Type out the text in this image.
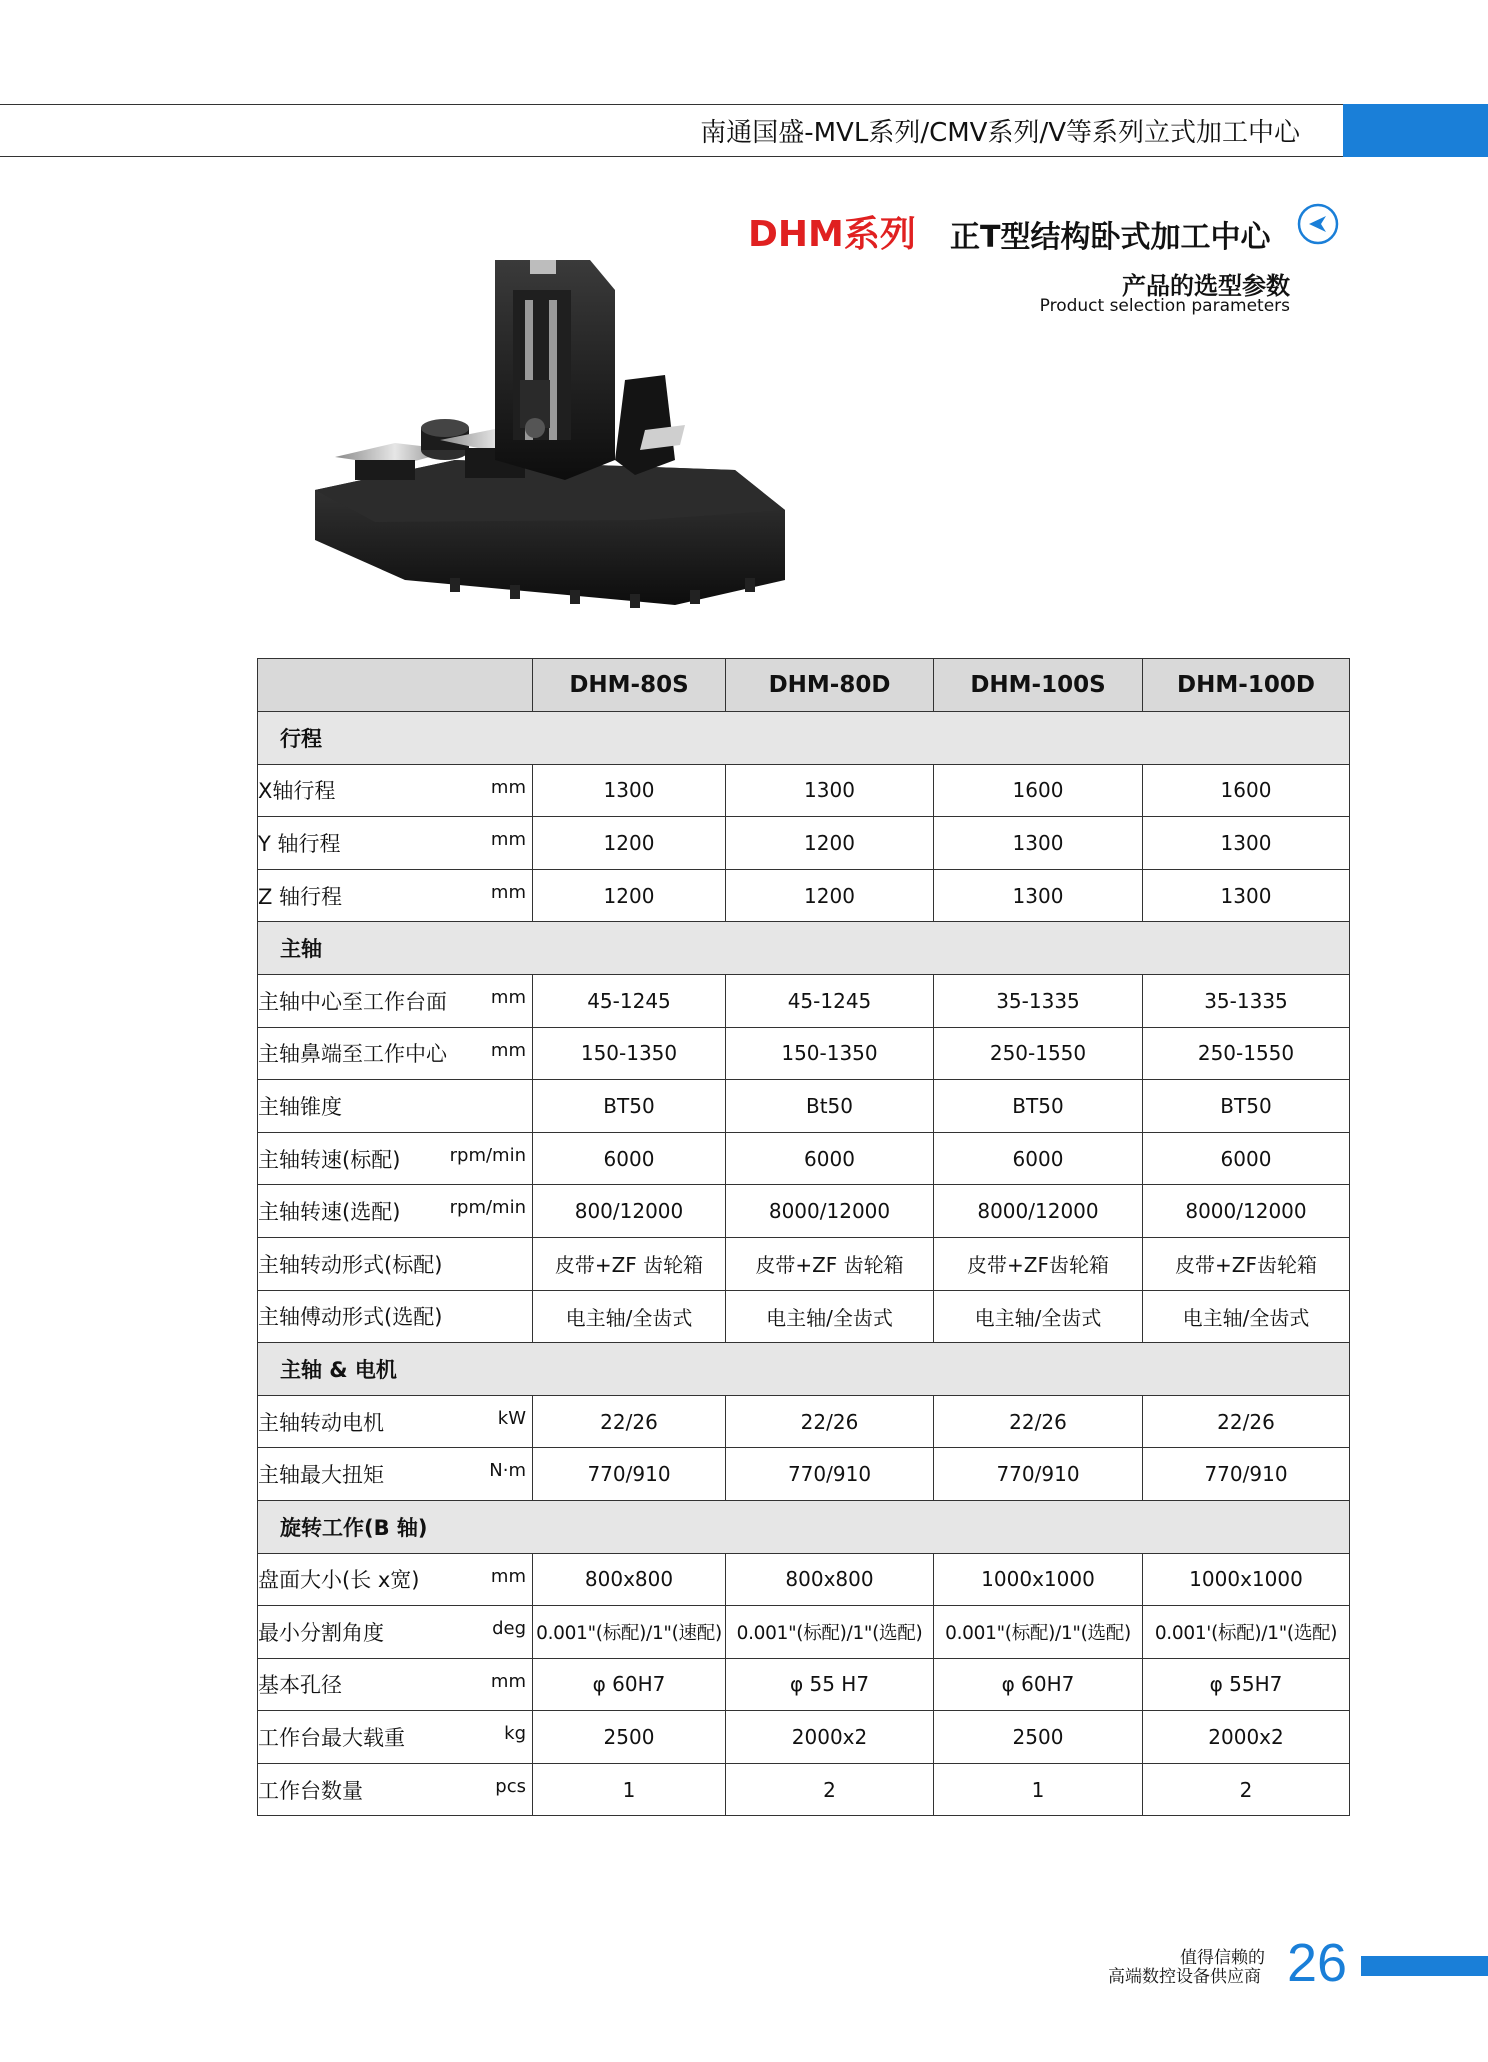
南通国盛-MVL系列/CMV系列/V等系列立式加工中心
DHM系列 正T型结构卧式加工中心
产品的选型参数
Product selection parameters
	DHM-80S	DHM-80D	DHM-100S	DHM-100D
行程				
X轴行程 mm	1300	1300	1600	1600
Y 轴行程 mm	1200	1200	1300	1300
Z 轴行程 mm	1200	1200	1300	1300
主轴				
主轴中心至工作台面 mm	45-1245	45-1245	35-1335	35-1335
主轴鼻端至工作中心 mm	150-1350	150-1350	250-1550	250-1550
主轴锥度	BT50	Bt50	BT50	BT50
主轴转速(标配) rpm/min	6000	6000	6000	6000
主轴转速(选配) rpm/min	800/12000	8000/12000	8000/12000	8000/12000
主轴转动形式(标配)	皮带+ZF 齿轮箱	皮带+ZF 齿轮箱	皮带+ZF齿轮箱	皮带+ZF齿轮箱
主轴傅动形式(选配)	电主轴/全齿式	电主轴/全齿式	电主轴/全齿式	电主轴/全齿式
主轴 & 电机				
主轴转动电机 kW	22/26	22/26	22/26	22/26
主轴最大扭矩 N·m	770/910	770/910	770/910	770/910
旋转工作(B 轴)				
盘面大小(长 x宽) mm	800x800	800x800	1000x1000	1000x1000
最小分割角度 deg	0.001"(标配)/1"(速配)	0.001"(标配)/1"(选配)	0.001"(标配)/1"(选配)	0.001'(标配)/1"(选配)
基本孔径 mm	φ 60H7	φ 55 H7	φ 60H7	φ 55H7
工作台最大载重 kg	2500	2000x2	2500	2000x2
工作台数量 pcs	1	2	1	2
值得信赖的
高端数控设备供应商 26
